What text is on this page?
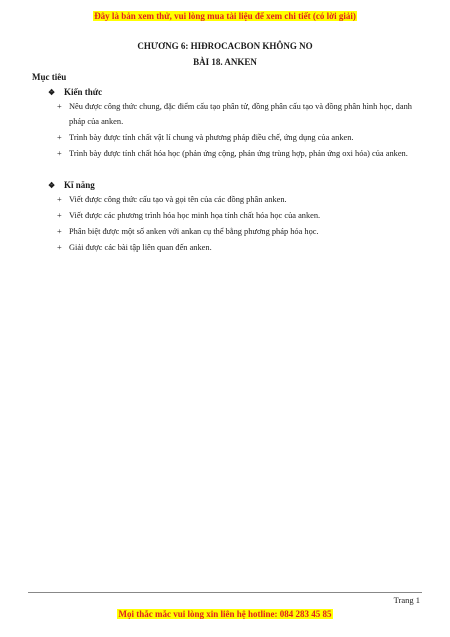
Đây là bản xem thử, vui lòng mua tài liệu để xem chi tiết (có lời giải)
CHƯƠNG 6: HIĐROCACBON KHÔNG NO
BÀI 18. ANKEN
Mục tiêu
❖ Kiến thức
+ Nêu được công thức chung, đặc điểm cấu tạo phân tử, đồng phân cấu tạo và đồng phân hình học, danh pháp của anken.
+ Trình bày được tính chất vật lí chung và phương pháp điều chế, ứng dụng của anken.
+ Trình bày được tính chất hóa học (phản ứng cộng, phản ứng trùng hợp, phản ứng oxi hóa) của anken.
❖ Kĩ năng
+ Viết được công thức cấu tạo và gọi tên của các đồng phân anken.
+ Viết được các phương trình hóa học minh họa tính chất hóa học của anken.
+ Phân biệt được một số anken với ankan cụ thể bằng phương pháp hóa học.
+ Giải được các bài tập liên quan đến anken.
Trang 1
Mọi thắc mắc vui lòng xin liên hệ hotline: 084 283 45 85
